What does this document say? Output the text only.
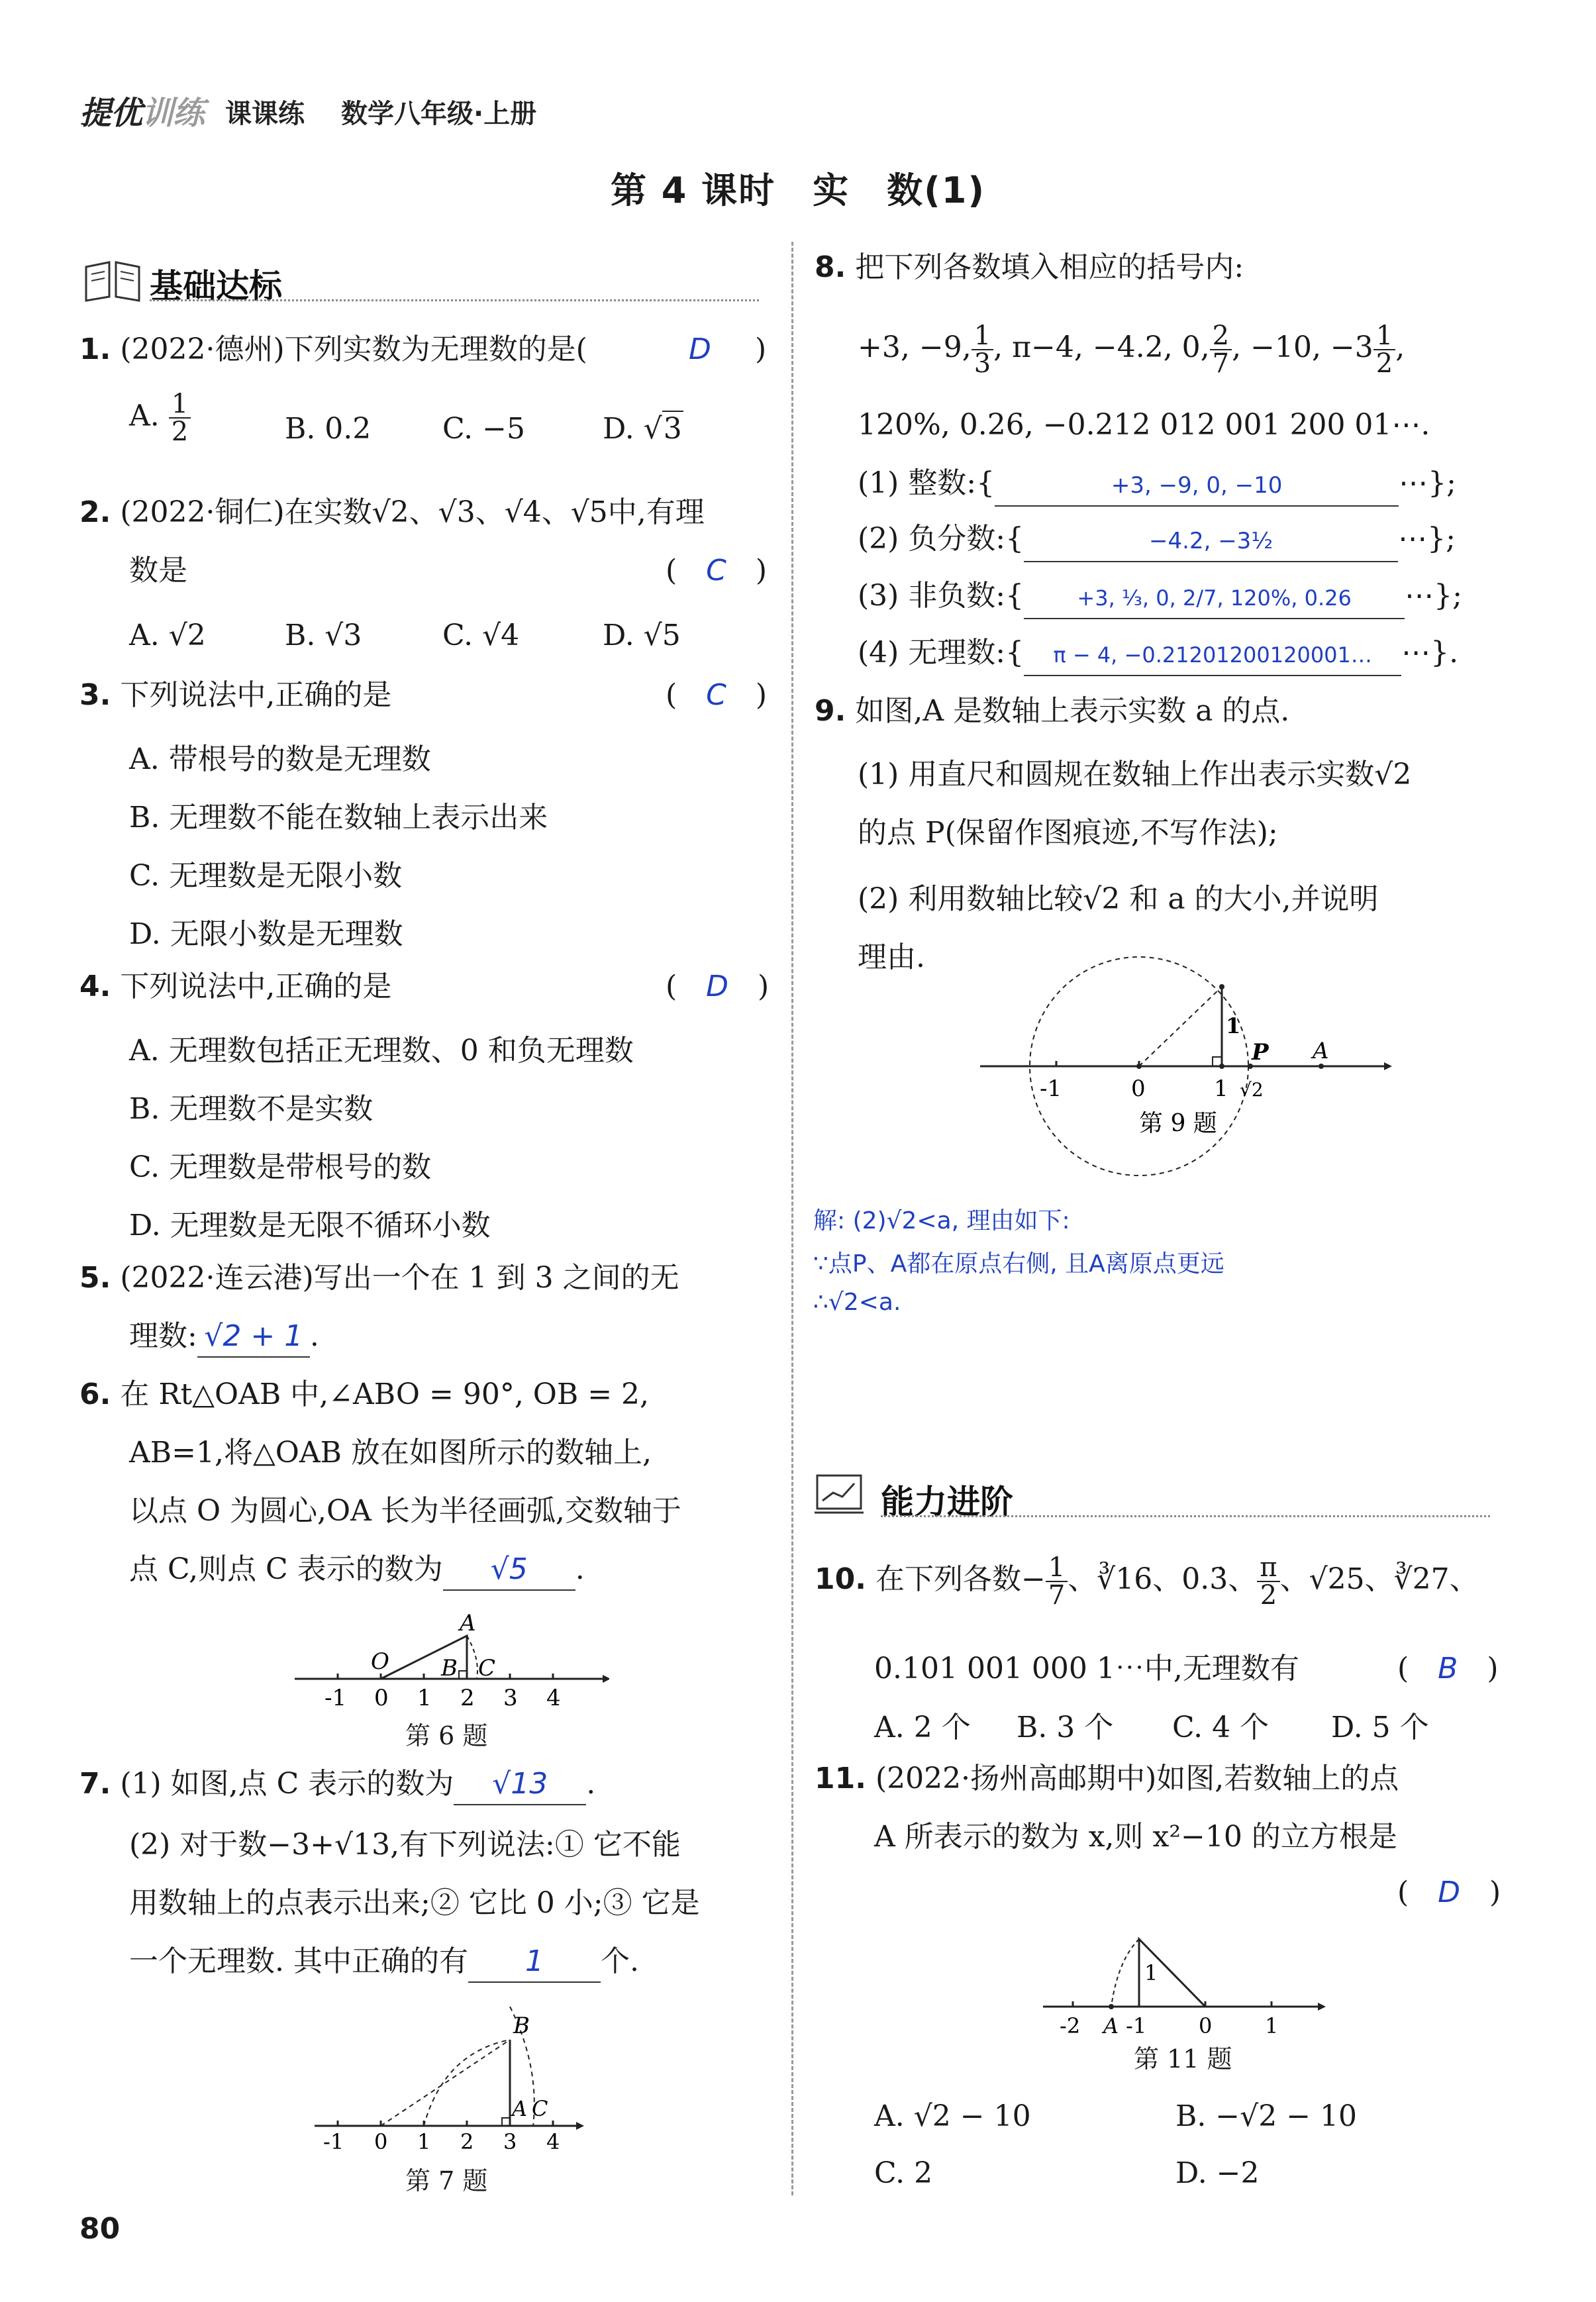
提优训练 课课练 数学八年级·上册
第 4 课时　实　数(1)
基础达标
1. (2022·德州)下列实数为无理数的是(	D )
A. $\frac{1}{2}$	B. 0.2 C. −5	D. √3
2. (2022·铜仁)在实数√2、√3、√4、√5中,有理
数是	(　C　)
A. √2	B. √3	C. √4	D. √5
3. 下列说法中,正确的是	(　C　)
A. 带根号的数是无理数
B. 无理数不能在数轴上表示出来
C. 无理数是无限小数
D. 无限小数是无理数
4. 下列说法中,正确的是	(　D　)
A. 无理数包括正无理数、0 和负无理数
B. 无理数不是实数
C. 无理数是带根号的数
D. 无理数是无限不循环小数
5. (2022·连云港)写出一个在 1 到 3 之间的无
理数: √2 + 1 .
6. 在 Rt△OAB 中,∠ABO = 90°, OB = 2,
AB=1,将△OAB 放在如图所示的数轴上,
以点 O 为圆心,OA 长为半径画弧,交数轴于
点 C,则点 C 表示的数为 √5 .
-1 0 1 2 3 4
O
A
B C
第 6 题
7. (1) 如图,点 C 表示的数为 √13 .
(2) 对于数−3+√13,有下列说法:① 它不能
用数轴上的点表示出来;② 它比 0 小;③ 它是
一个无理数. 其中正确的有 1 个.
-1 0 1 2 3 4
B
A C
第 7 题
8. 把下列各数填入相应的括号内:
+3, −9, $\frac{1}{3}$ , π−4, −4.2, 0, $\frac{2}{7}$ , −10, $-3 \frac{1}{2}$ ,
120%, 0.26, −0.212 012 001 200 01⋯.
(1) 整数:{	+3, −9, 0, −10	⋯};
(2) 负分数:{	−4.2, −3½	⋯};
(3) 非负数:{	+3, ⅓, 0, 2/7, 120%, 0.26 ⋯};
(4) 无理数:{ π − 4, −0.21201200120001… ⋯}.
9. 如图,A 是数轴上表示实数 a 的点.
(1) 用直尺和圆规在数轴上作出表示实数√2
的点 P(保留作图痕迹,不写作法);
(2) 利用数轴比较√2 和 a 的大小,并说明
理由.
-1	0	1
P A
1
√2
第 9 题
解: (2)√2<a, 理由如下:
∵点P、A都在原点右侧, 且A离原点更远
∴√2<a.
能力进阶
10. 在下列各数− $\frac{1}{7}$ 、∛16、0.3̇、 $\frac{\pi}{2}$ 、√25、∛27、
0.101 001 000 1⋯中,无理数有	(　B　)
A. 2 个 B. 3 个 C. 4 个 D. 5 个
11. (2022·扬州高邮期中)如图,若数轴上的点
A 所表示的数为 x,则 x²−10 的立方根是
(　D　)
-2 A -1 0 1
1
第 11 题
A. √2 − 10	B. −√2 − 10
C. 2	D. −2
80
